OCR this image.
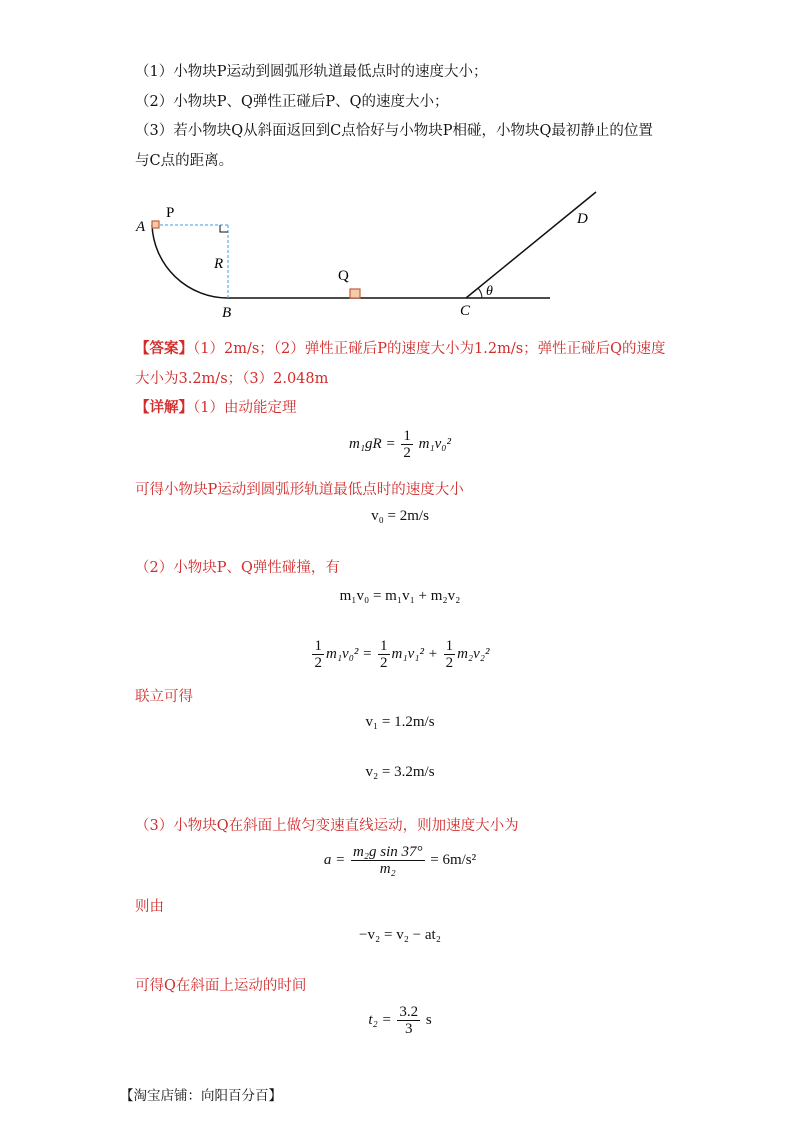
（1）小物块P运动到圆弧形轨道最低点时的速度大小；
（2）小物块P、Q弹性正碰后P、Q的速度大小；
（3）若小物块Q从斜面返回到C点恰好与小物块P相碰，小物块Q最初静止的位置
与C点的距离。
A
P
R
B
Q
C
D
θ
【答案】（1）2m/s；（2）弹性正碰后P的速度大小为1.2m/s；弹性正碰后Q的速度
大小为3.2m/s；（3）2.048m
【详解】（1）由动能定理
$m_1gR = \frac{1}{2} m_1v_0^2$
可得小物块P运动到圆弧形轨道最低点时的速度大小
v₀ = 2m/s
（2）小物块P、Q弹性碰撞，有
m₁v₀ = m₁v₁ + m₂v₂
$\frac{1}{2} m_1v_0^2 = \frac{1}{2} m_1v_1^2 + \frac{1}{2} m_2v_2^2$
联立可得
v₁ = 1.2m/s
v₂ = 3.2m/s
（3）小物块Q在斜面上做匀变速直线运动，则加速度大小为
$a = \frac{\text{m₂g sin 37°}}{\text{m₂}} = 6m/s^2$
则由
−v₂ = v₂ − at₂
可得Q在斜面上运动的时间
$t_2 = \frac{3.2}{3}$ s
【淘宝店铺：向阳百分百】
